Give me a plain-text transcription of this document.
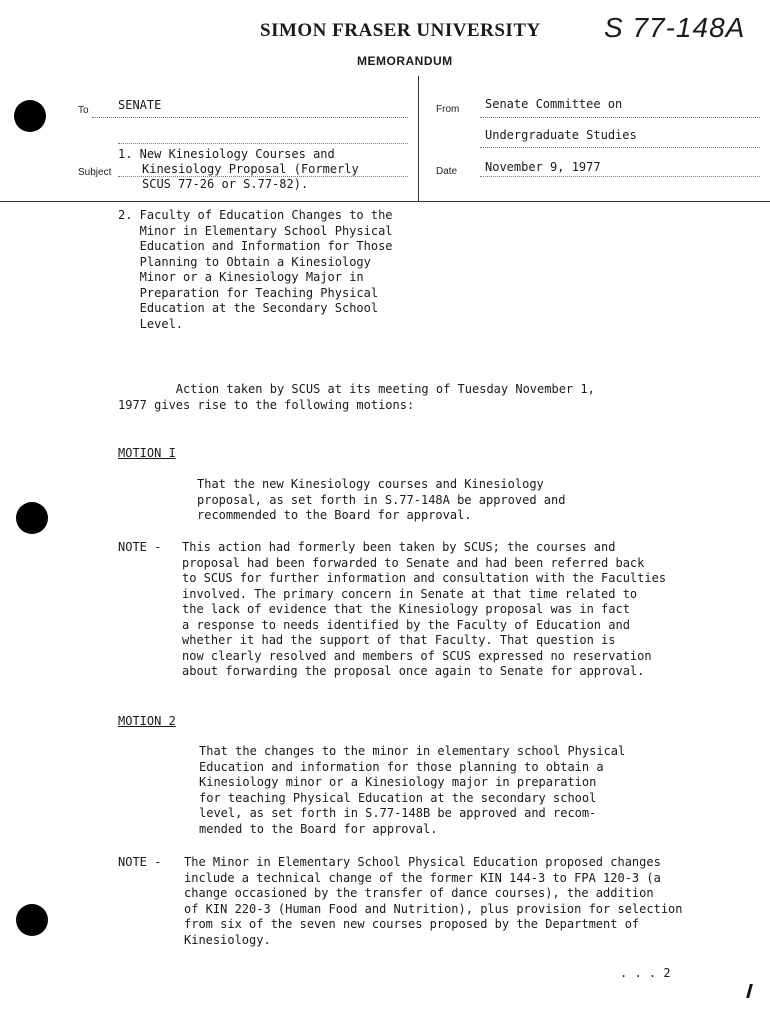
SIMON FRASER UNIVERSITY S 77-148A
MEMORANDUM
To SENATE	From Senate Committee on
Undergraduate Studies
Subject
1. New Kinesiology Courses and
Kinesiology Proposal (Formerly
SCUS 77-26 or S.77-82).
Date November 9, 1977
2. Faculty of Education Changes to the
Minor in Elementary School Physical
Education and Information for Those
Planning to Obtain a Kinesiology
Minor or a Kinesiology Major in
Preparation for Teaching Physical
Education at the Secondary School
Level.
Action taken by SCUS at its meeting of Tuesday November 1,
1977 gives rise to the following motions:
MOTION I
That the new Kinesiology courses and Kinesiology
proposal, as set forth in S.77-148A be approved and
recommended to the Board for approval.
NOTE - This action had formerly been taken by SCUS; the courses and
proposal had been forwarded to Senate and had been referred back
to SCUS for further information and consultation with the Faculties
involved. The primary concern in Senate at that time related to
the lack of evidence that the Kinesiology proposal was in fact
a response to needs identified by the Faculty of Education and
whether it had the support of that Faculty. That question is
now clearly resolved and members of SCUS expressed no reservation
about forwarding the proposal once again to Senate for approval.
MOTION 2
That the changes to the minor in elementary school Physical
Education and information for those planning to obtain a
Kinesiology minor or a Kinesiology major in preparation
for teaching Physical Education at the secondary school
level, as set forth in S.77-148B be approved and recom-
mended to the Board for approval.
NOTE - The Minor in Elementary School Physical Education proposed changes
include a technical change of the former KIN 144-3 to FPA 120-3 (a
change occasioned by the transfer of dance courses), the addition
of KIN 220-3 (Human Food and Nutrition), plus provision for selection
from six of the seven new courses proposed by the Department of
Kinesiology.
. . . 2
